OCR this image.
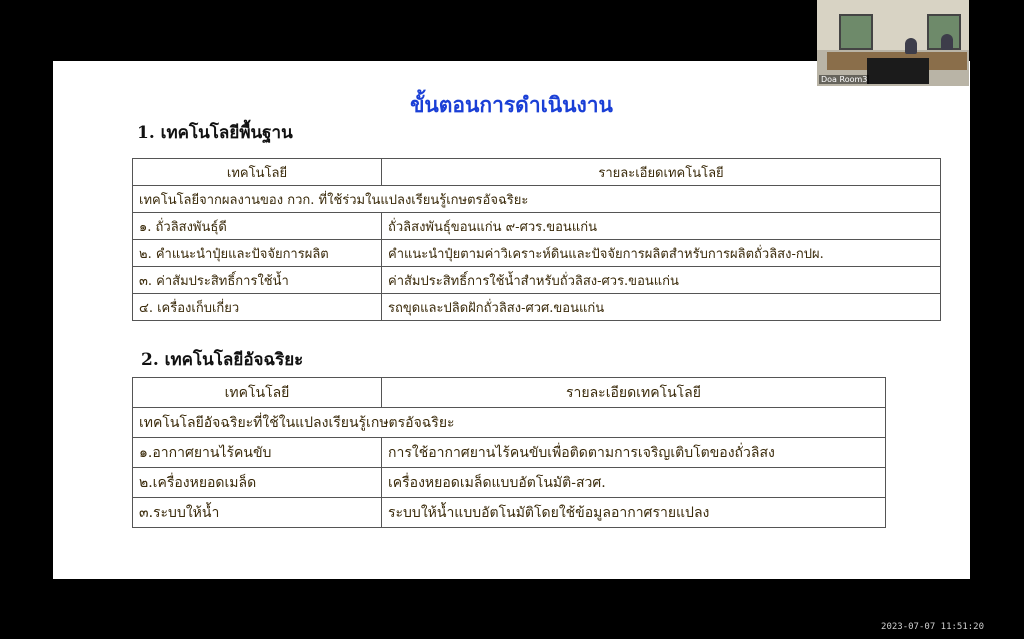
ขั้นตอนการดำเนินงาน
1. เทคโนโลยีพื้นฐาน
เทคโนโลยี	รายละเอียดเทคโนโลยี
เทคโนโลยีจากผลงานของ กวก. ที่ใช้ร่วมในแปลงเรียนรู้เกษตรอัจฉริยะ	
๑. ถั่วลิสงพันธุ์ดี	ถั่วลิสงพันธุ์ขอนแก่น ๙-ศวร.ขอนแก่น
๒. คำแนะนำปุ๋ยและปัจจัยการผลิต	คำแนะนำปุ๋ยตามค่าวิเคราะห์ดินและปัจจัยการผลิตสำหรับการผลิตถั่วลิสง-กปผ.
๓. ค่าสัมประสิทธิ์การใช้น้ำ	ค่าสัมประสิทธิ์การใช้น้ำสำหรับถั่วลิสง-ศวร.ขอนแก่น
๔. เครื่องเก็บเกี่ยว	รถขุดและปลิดฝักถั่วลิสง-ศวศ.ขอนแก่น
2. เทคโนโลยีอัจฉริยะ
เทคโนโลยี	รายละเอียดเทคโนโลยี
เทคโนโลยีอัจฉริยะที่ใช้ในแปลงเรียนรู้เกษตรอัจฉริยะ	
๑.อากาศยานไร้คนขับ	การใช้อากาศยานไร้คนขับเพื่อติดตามการเจริญเติบโตของถั่วลิสง
๒.เครื่องหยอดเมล็ด	เครื่องหยอดเมล็ดแบบอัตโนมัติ-สวศ.
๓.ระบบให้น้ำ	ระบบให้น้ำแบบอัตโนมัติโดยใช้ข้อมูลอากาศรายแปลง
Doa Room3
2023-07-07 11:51:20
